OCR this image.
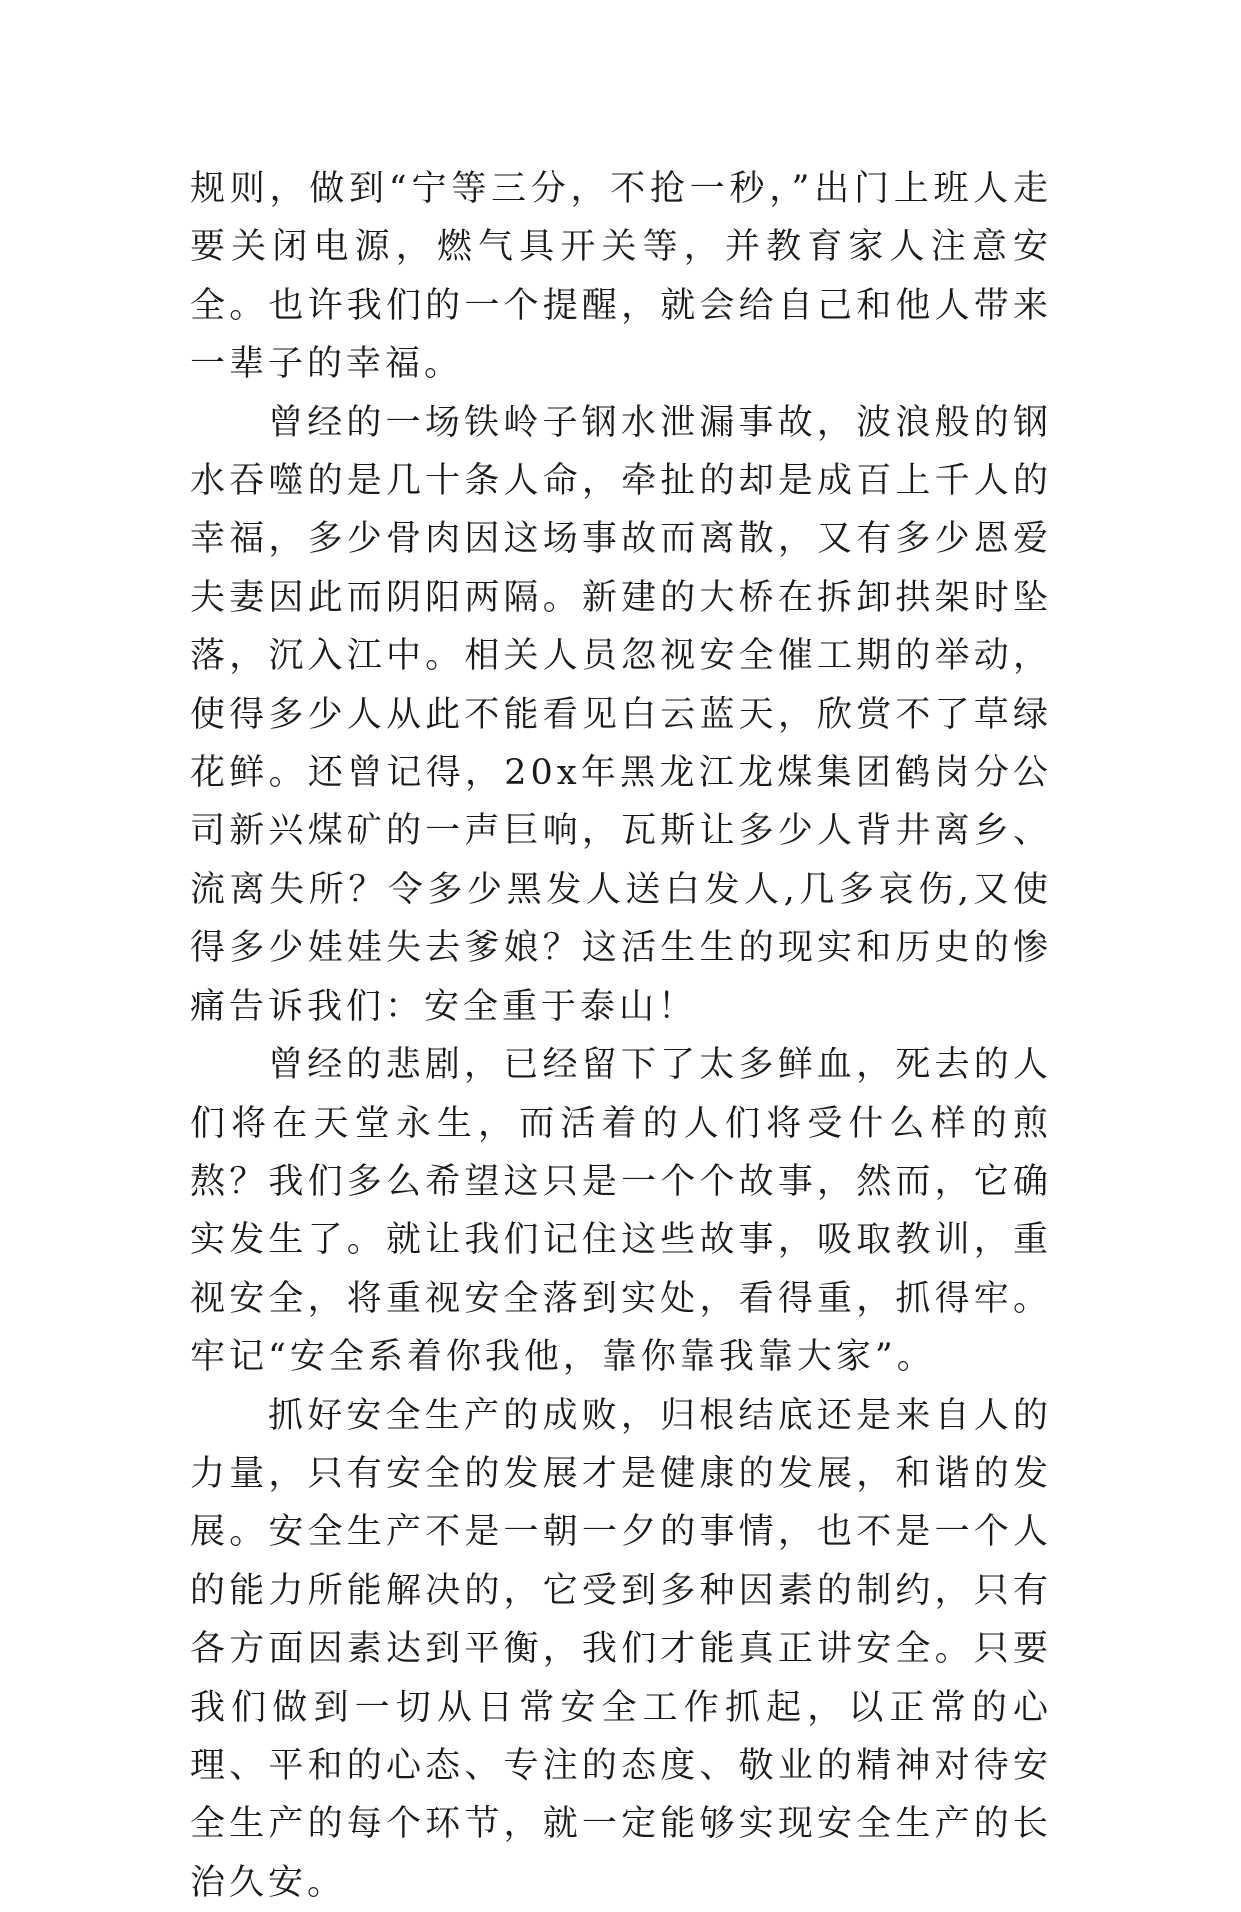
规则，做到“宁等三分，不抢一秒，”出门上班人走要关闭电源，燃气具开关等，并教育家人注意安全。也许我们的一个提醒，就会给自己和他人带来一辈子的幸福。

曾经的一场铁岭子钢水泄漏事故，波浪般的钢水吞噬的是几十条人命，牵扯的却是成百上千人的幸福，多少骨肉因这场事故而离散，又有多少恩爱夫妻因此而阴阳两隔。新建的大桥在拆卸拱架时坠落，沉入江中。相关人员忽视安全催工期的举动，使得多少人从此不能看见白云蓝天，欣赏不了草绿花鲜。还曾记得，20x年黑龙江龙煤集团鹤岗分公司新兴煤矿的一声巨响，瓦斯让多少人背井离乡、流离失所？令多少黑发人送白发人,几多哀伤,又使得多少娃娃失去爹娘？这活生生的现实和历史的惨痛告诉我们：安全重于泰山！

曾经的悲剧，已经留下了太多鲜血，死去的人们将在天堂永生，而活着的人们将受什么样的煎熬？我们多么希望这只是一个个故事，然而，它确实发生了。就让我们记住这些故事，吸取教训，重视安全，将重视安全落到实处，看得重，抓得牢。牢记“安全系着你我他，靠你靠我靠大家”。

抓好安全生产的成败，归根结底还是来自人的力量，只有安全的发展才是健康的发展，和谐的发展。安全生产不是一朝一夕的事情，也不是一个人的能力所能解决的，它受到多种因素的制约，只有各方面因素达到平衡，我们才能真正讲安全。只要我们做到一切从日常安全工作抓起，以正常的心理、平和的心态、专注的态度、敬业的精神对待安全生产的每个环节，就一定能够实现安全生产的长治久安。
